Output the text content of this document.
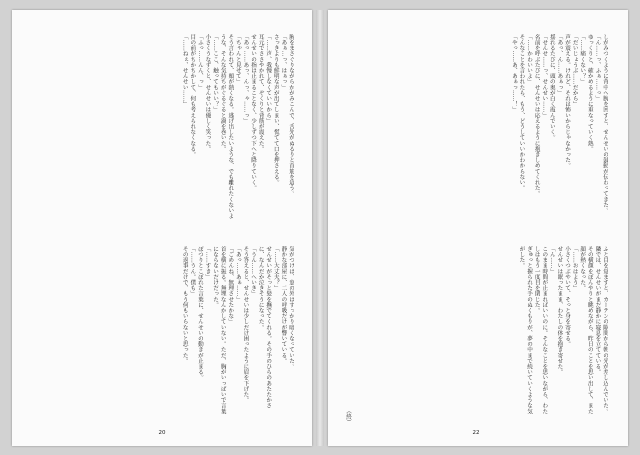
胸をまさぐりながらかがみこんで、舌先がぬるりと首筋を這う。
「あぁ…っ、はぁっ」
さっきよりも鮮明な声が出てしまい、慌てて口を押さえる。
「……声、我慢しなくていいから」
耳元でささやかれて、ぞくりと背筋が震えた。
せんせいの指は止まることなく、少しずつ下へと降りていく。
「あっ……あっ、んっ、ゃ……っ」
「ちゃんと見せて」
そう言われて、頬が熱くなる。逃げ出したいような、でも離れたくないような、そんな気持ちがぐるぐると渦を巻いた。
「……ここ、触ってもいい？」
小さくうなずくと、せんせいは優しく笑った。
「ふっ……んん、っ」
目の前がちかちかして、何も考えられなくなる。
「……ねぇ、せんせい……」
気がつけば、窓の外はすっかり暗くなっていた。
静かな部屋に、二人の呼吸だけが響いている。
「……大丈夫？」
せんせいがそっと髪を撫でてくれる。その手のひらのあたたかさに、なんだか泣きそうになった。
「うん……へいき」
そう答えると、せんせいは少しだけ困ったように眉を下げた。
「あっ……あぁ……」
「ごめんね、無理させたかな」
首を横に振る。無理なんかしていない。ただ、胸がいっぱいで言葉にならないだけだった。
「……すき」
ぽつりとこぼれた言葉に、せんせいの動きが止まる。
「……うん。僕も」
その返事だけで、もう何もいらないと思った。
20
しがみつくように背中へ腕を回すと、せんせいの鼓動が伝わってきた。
「ん……っ、ふぁ……っ」
ゆっくりと、確かめるように重なっていく熱。
「……痛くない？」
「だいじょうぶ……だから」
声が震える。けれど、それは怖いからじゃなかった。
「あっ、ん……あぁっ」
揺れるたびに、頭の奥が白く霞んでいく。
「せんせ……っ、せんせい……」
名前を呼ぶたびに、せんせいは応えるように抱きしめてくれた。
「……かわいいよ」
そんなことを言われたら、もう、どうしていいかわからない。
「やっ……あ、あぁっ……！」
ふと目を覚ますと、カーテンの隙間から朝の光が差し込んでいた。
隣では、せんせいがまだ静かに寝息を立てている。
その横顔をぼんやりと眺めながら、昨日のことを思い出して、また顔が熱くなった。
「……おはよう」
小さくつぶやいて、そっと身を寄せる。
せんせいは眠ったまま、わたしの体を抱き寄せた。
「ん……」
このまま時間が止まればいいのに。そんなことを思いながら、わたしはもう一度目を閉じた。
ぎゅっと握られた手のぬくもりが、夢の中まで続いていくような気がした。
（終）
22
